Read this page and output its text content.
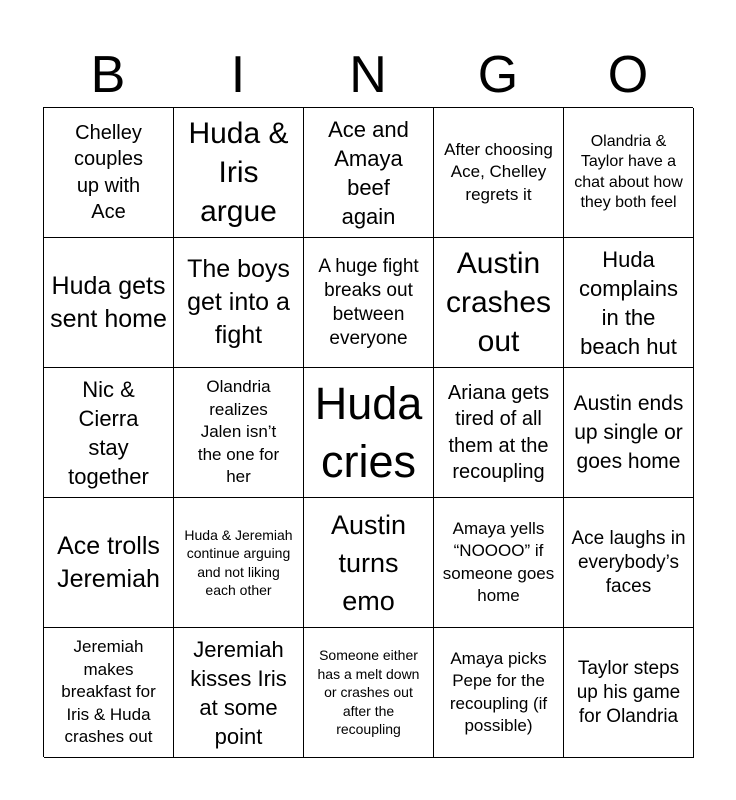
B	I	N	G	O
Chelley couples up with Ace
Huda & Iris argue
Ace and Amaya beef again
After choosing Ace, Chelley regrets it
Olandria & Taylor have a chat about how they both feel
Huda gets sent home
The boys get into a fight
A huge fight breaks out between everyone
Austin crashes out
Huda complains in the beach hut
Nic & Cierra stay together
Olandria realizes Jalen isn’t the one for her
Huda cries
Ariana gets tired of all them at the recoupling
Austin ends up single or goes home
Ace trolls Jeremiah
Huda & Jeremiah continue arguing and not liking each other
Austin turns emo
Amaya yells “NOOOO” if someone goes home
Ace laughs in everybody’s faces
Jeremiah makes breakfast for Iris & Huda crashes out
Jeremiah kisses Iris at some point
Someone either has a melt down or crashes out after the recoupling
Amaya picks Pepe for the recoupling (if possible)
Taylor steps up his game for Olandria
